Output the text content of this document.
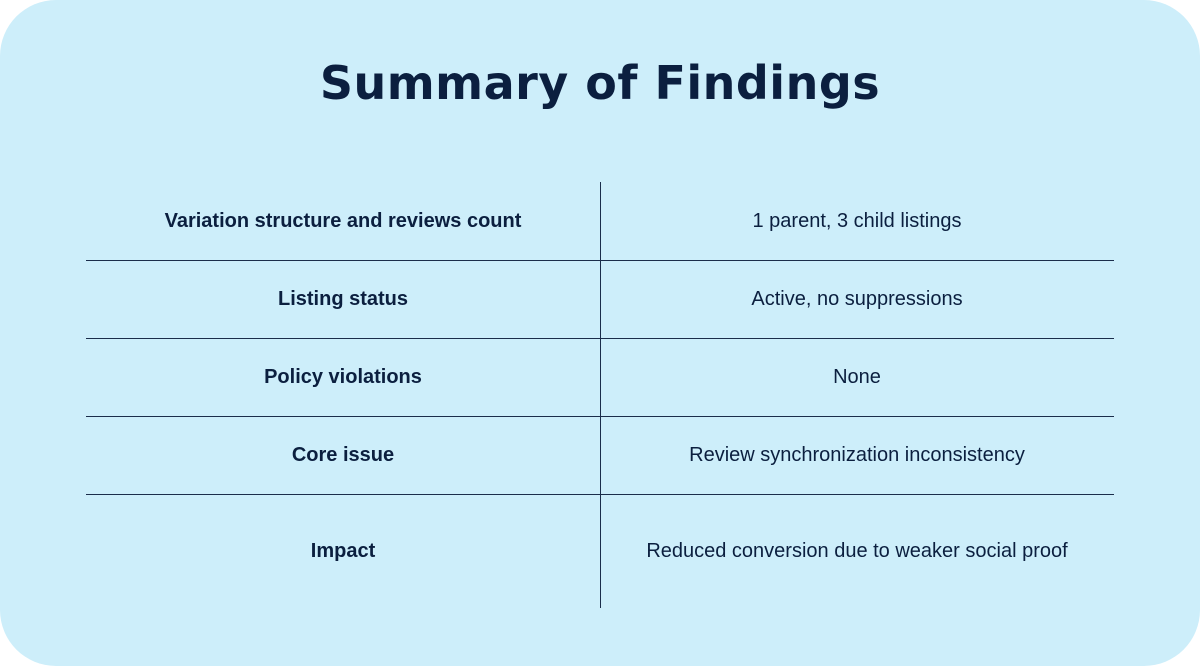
Summary of Findings
Variation structure and reviews count	1 parent, 3 child listings
Listing status	Active, no suppressions
Policy violations	None
Core issue	Review synchronization inconsistency
Impact	Reduced conversion due to weaker social proof
